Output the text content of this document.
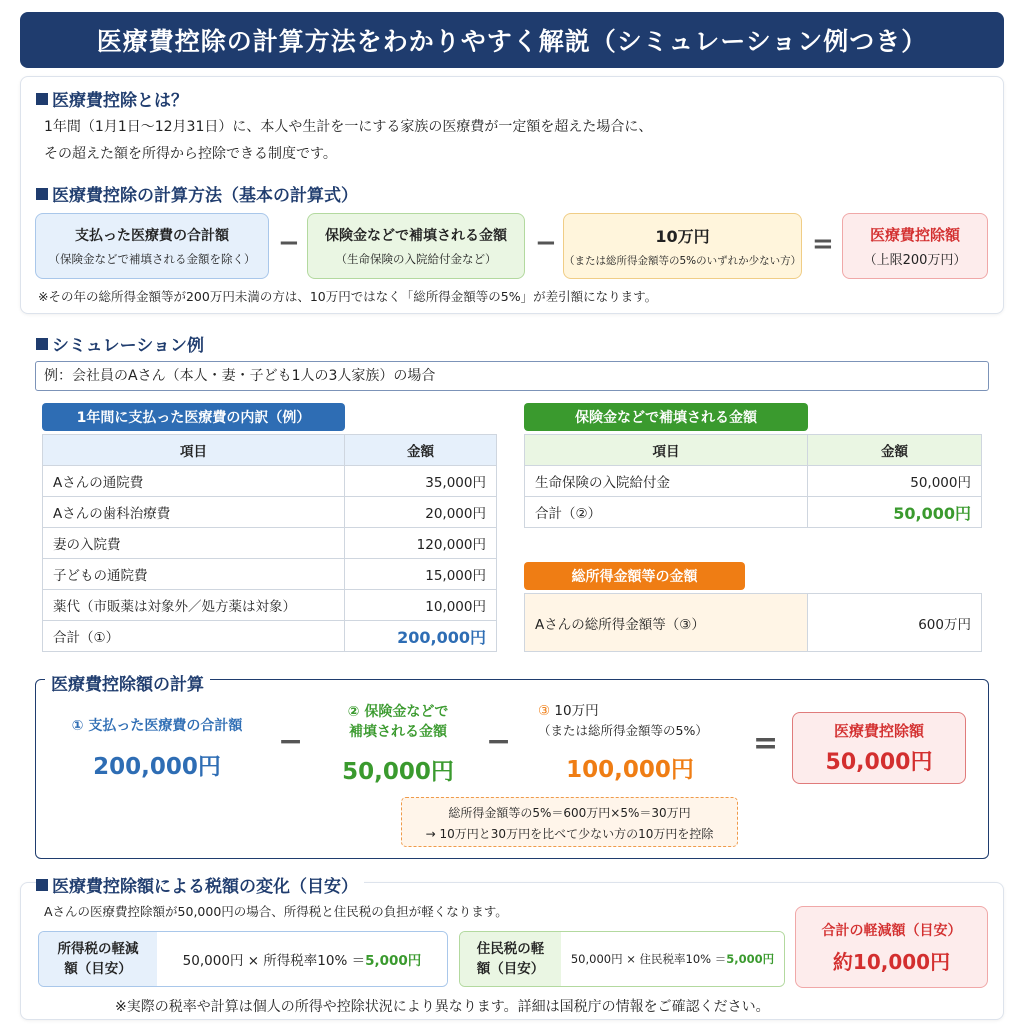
医療費控除の計算方法をわかりやすく解説（シミュレーション例つき）
医療費控除とは？
1年間（1月1日〜12月31日）に、本人や生計を一にする家族の医療費が一定額を超えた場合に、
その超えた額を所得から控除できる制度です。
医療費控除の計算方法（基本の計算式）
支払った医療費の合計額
（保険金などで補填される金額を除く）
− 保険金などで補填される金額
（生命保険の入院給付金など）
−	10万円
（または総所得金額等の5%のいずれか少ない方）
= 医療費控除額
（上限200万円）
※その年の総所得金額等が200万円未満の方は、10万円ではなく「総所得金額等の5%」が差引額になります。
シミュレーション例
例：会社員のAさん（本人・妻・子ども1人の3人家族）の場合
1年間に支払った医療費の内訳（例）
項目	金額
Aさんの通院費	35,000円
Aさんの歯科治療費	20,000円
妻の入院費	120,000円
子どもの通院費	15,000円
薬代（市販薬は対象外／処方薬は対象）	10,000円
合計（①）	200,000円
保険金などで補填される金額
項目	金額
生命保険の入院給付金	50,000円
合計（②）	50,000円
総所得金額等の金額
Aさんの総所得金額等（③）	600万円
医療費控除額の計算
① 支払った医療費の合計額
200,000円
−
② 保険金などで
補填される金額
50,000円
−
③ 10万円
（または総所得金額等の5%）
100,000円
=	医療費控除額
50,000円
総所得金額等の5%＝600万円×5%＝30万円
→ 10万円と30万円を比べて少ない方の10万円を控除
医療費控除額による税額の変化（目安）
Aさんの医療費控除額が50,000円の場合、所得税と住民税の負担が軽くなります。
所得税の軽減
額（目安）	50,000円 × 所得税率10% ＝ 5,000円
住民税の軽
額（目安）
50,000円 × 住民税率10% ＝ 5,000円
合計の軽減額（目安）
約10,000円
※実際の税率や計算は個人の所得や控除状況により異なります。詳細は国税庁の情報をご確認ください。
